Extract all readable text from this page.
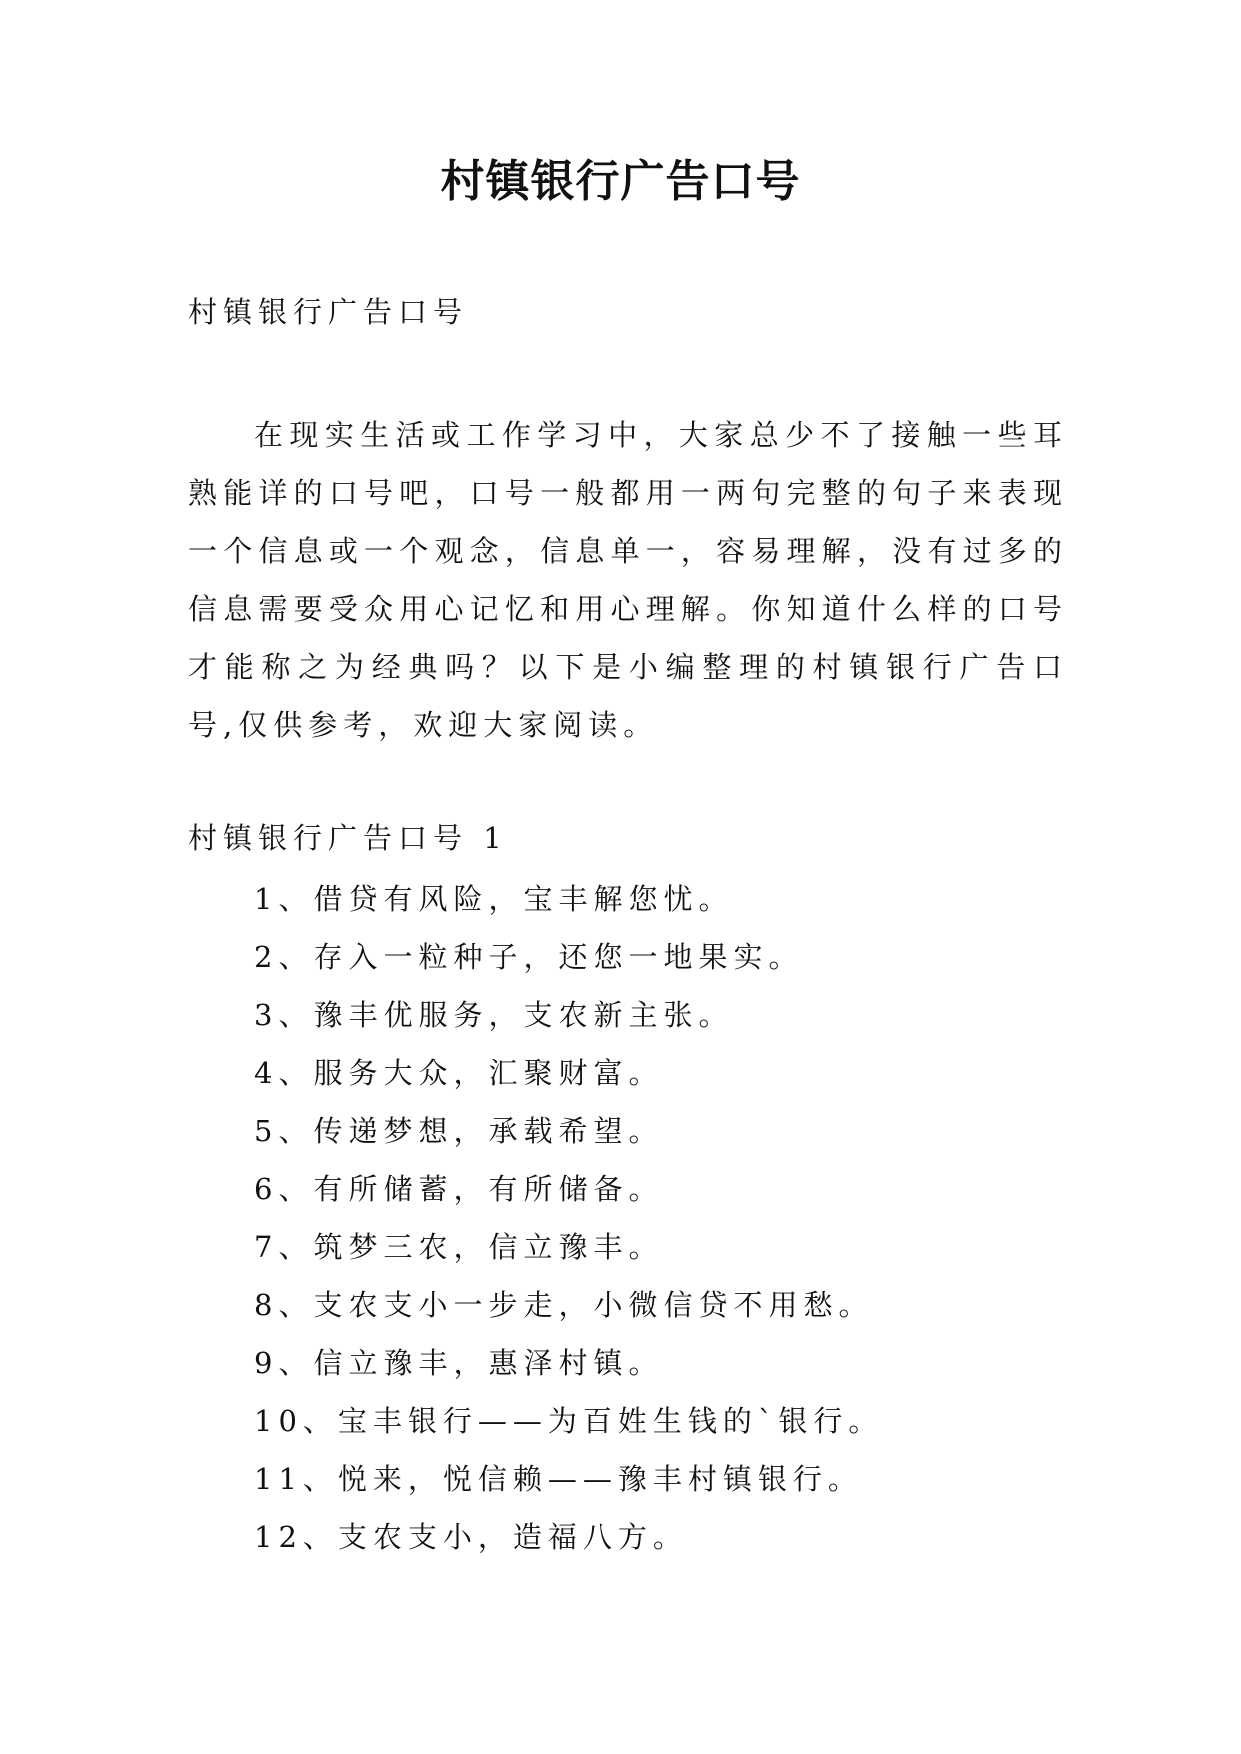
村镇银行广告口号

村镇银行广告口号

在现实生活或工作学习中，大家总少不了接触一些耳熟能详的口号吧，口号一般都用一两句完整的句子来表现一个信息或一个观念，信息单一，容易理解，没有过多的信息需要受众用心记忆和用心理解。你知道什么样的口号才能称之为经典吗？以下是小编整理的村镇银行广告口号,仅供参考，欢迎大家阅读。

村镇银行广告口号 1

1、借贷有风险，宝丰解您忧。
2、存入一粒种子，还您一地果实。
3、豫丰优服务，支农新主张。
4、服务大众，汇聚财富。
5、传递梦想，承载希望。
6、有所储蓄，有所储备。
7、筑梦三农，信立豫丰。
8、支农支小一步走，小微信贷不用愁。
9、信立豫丰，惠泽村镇。
10、宝丰银行——为百姓生钱的`银行。
11、悦来，悦信赖——豫丰村镇银行。
12、支农支小，造福八方。
